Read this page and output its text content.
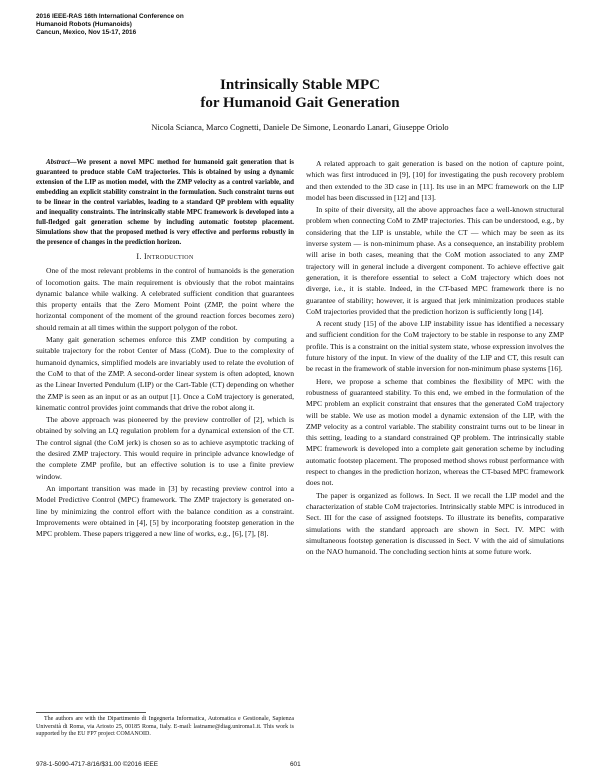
2016 IEEE-RAS 16th International Conference on
Humanoid Robots (Humanoids)
Cancun, Mexico, Nov 15-17, 2016
Intrinsically Stable MPC
for Humanoid Gait Generation
Nicola Scianca, Marco Cognetti, Daniele De Simone, Leonardo Lanari, Giuseppe Oriolo

Abstract—We present a novel MPC method for humanoid gait generation that is guaranteed to produce stable CoM trajectories. This is obtained by using a dynamic extension of the LIP as motion model, with the ZMP velocity as a control variable, and embedding an explicit stability constraint in the formulation. Such constraint turns out to be linear in the control variables, leading to a standard QP problem with equality and inequality constraints. The intrinsically stable MPC framework is developed into a full-fledged gait generation scheme by including automatic footstep placement. Simulations show that the proposed method is very effective and performs robustly in the presence of changes in the prediction horizon.

I. Introduction

One of the most relevant problems in the control of humanoids is the generation of locomotion gaits. The main requirement is obviously that the robot maintains dynamic balance while walking. A celebrated sufficient condition that guarantees this property entails that the Zero Moment Point (ZMP, the point where the horizontal component of the moment of the ground reaction forces becomes zero) should remain at all times within the support polygon of the robot.

Many gait generation schemes enforce this ZMP condition by computing a suitable trajectory for the robot Center of Mass (CoM). Due to the complexity of humanoid dynamics, simplified models are invariably used to relate the evolution of the CoM to that of the ZMP. A second-order linear system is often adopted, known as the Linear Inverted Pendulum (LIP) or the Cart-Table (CT) depending on whether the ZMP is seen as an input or as an output [1]. Once a CoM trajectory is generated, kinematic control provides joint commands that drive the robot along it.

The above approach was pioneered by the preview controller of [2], which is obtained by solving an LQ regulation problem for a dynamical extension of the CT. The control signal (the CoM jerk) is chosen so as to achieve asymptotic tracking of the desired ZMP trajectory. This would require in principle advance knowledge of the complete ZMP profile, but an effective solution is to use a finite preview window.

An important transition was made in [3] by recasting preview control into a Model Predictive Control (MPC) framework. The ZMP trajectory is generated on-line by minimizing the control effort with the balance condition as a constraint. Improvements were obtained in [4], [5] by incorporating footstep generation in the MPC problem. These papers triggered a new line of works, e.g., [6], [7], [8].

The authors are with the Dipartimento di Ingegneria Informatica, Automatica e Gestionale, Sapienza Università di Roma, via Ariosto 25, 00185 Roma, Italy. E-mail: lastname@diag.uniroma1.it. This work is supported by the EU FP7 project COMANOID.

A related approach to gait generation is based on the notion of capture point, which was first introduced in [9], [10] for investigating the push recovery problem and then extended to the 3D case in [11]. Its use in an MPC framework on the LIP model has been discussed in [12] and [13].

In spite of their diversity, all the above approaches face a well-known structural problem when connecting CoM to ZMP trajectories. This can be understood, e.g., by considering that the LIP is unstable, while the CT — which may be seen as its inverse system — is non-minimum phase. As a consequence, an instability problem will arise in both cases, meaning that the CoM motion associated to any ZMP trajectory will in general include a divergent component. To achieve effective gait generation, it is therefore essential to select a CoM trajectory which does not diverge, i.e., it is stable. Indeed, in the CT-based MPC framework there is no guarantee of stability; however, it is argued that jerk minimization produces stable CoM trajectories provided that the prediction horizon is sufficiently long [14].

A recent study [15] of the above LIP instability issue has identified a necessary and sufficient condition for the CoM trajectory to be stable in response to any ZMP profile. This is a constraint on the initial system state, whose expression involves the future history of the input. In view of the duality of the LIP and CT, this result can be recast in the framework of stable inversion for non-minimum phase systems [16].

Here, we propose a scheme that combines the flexibility of MPC with the robustness of guaranteed stability. To this end, we embed in the formulation of the MPC problem an explicit constraint that ensures that the generated CoM trajectory will be stable. We use as motion model a dynamic extension of the LIP, with the ZMP velocity as a control variable. The stability constraint turns out to be linear in this setting, leading to a standard constrained QP problem. The intrinsically stable MPC framework is developed into a complete gait generation scheme by including automatic footstep placement. The proposed method shows robust performance with respect to changes in the prediction horizon, whereas the CT-based MPC framework does not.

The paper is organized as follows. In Sect. II we recall the LIP model and the characterization of stable CoM trajectories. Intrinsically stable MPC is introduced in Sect. III for the case of assigned footsteps. To illustrate its benefits, comparative simulations with the standard approach are shown in Sect. IV. MPC with simultaneous footstep generation is discussed in Sect. V with the aid of simulations on the NAO humanoid. The concluding section hints at some future work.

978-1-5090-4717-8/16/$31.00 ©2016 IEEE	601
